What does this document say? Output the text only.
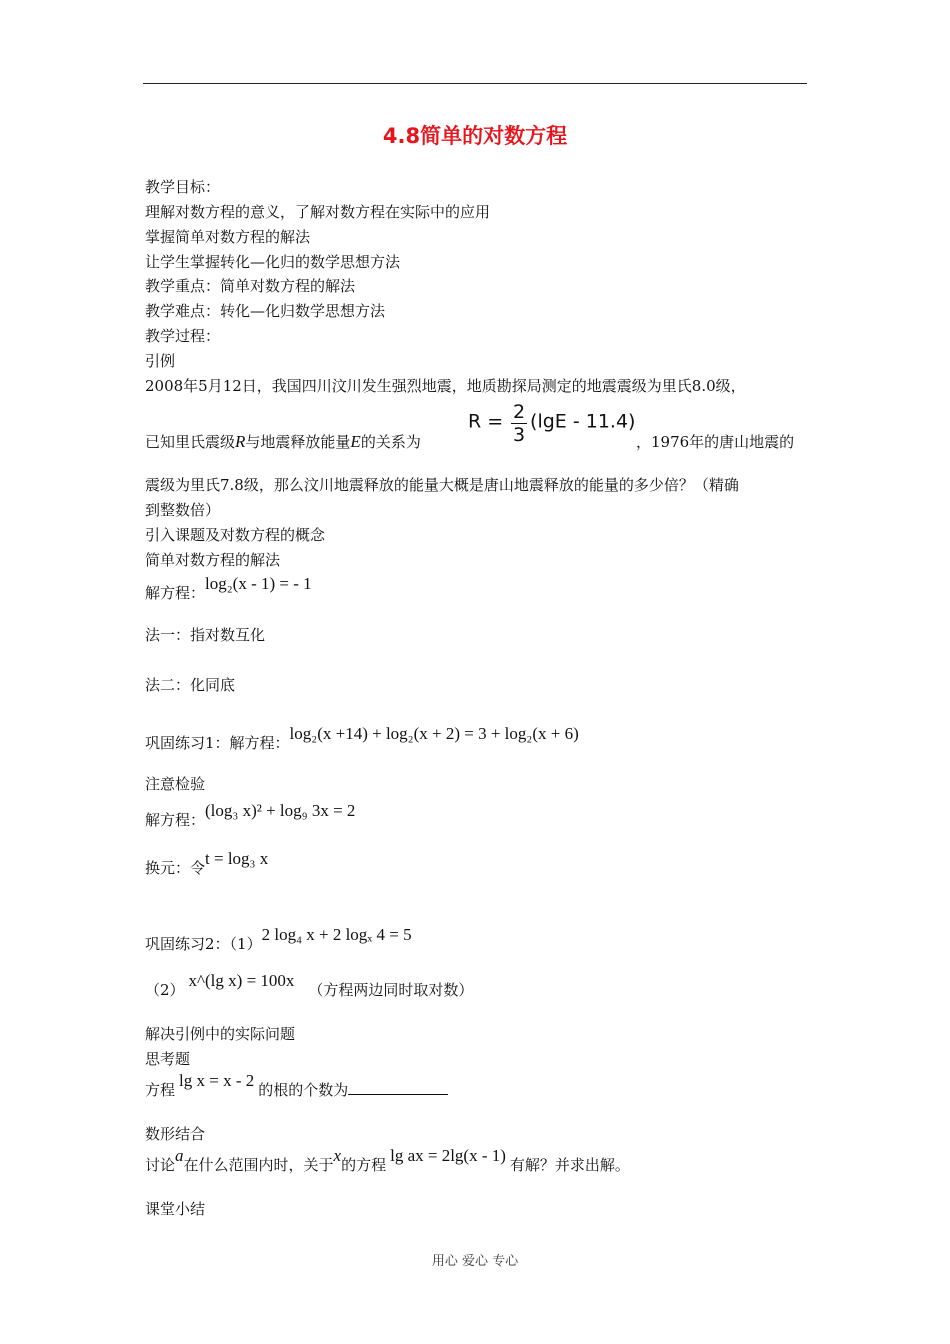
4.8简单的对数方程
教学目标：
理解对数方程的意义，了解对数方程在实际中的应用
掌握简单对数方程的解法
让学生掌握转化—化归的数学思想方法
教学重点：简单对数方程的解法
教学难点：转化—化归数学思想方法
教学过程：
引例
2008年5月12日，我国四川汶川发生强烈地震，地质勘探局测定的地震震级为里氏8.0级，
已知里氏震级R与地震释放能量E的关系为
$R = \frac{2}{3} (\lg E - 11.4)$
，1976年的唐山地震的
震级为里氏7.8级，那么汶川地震释放的能量大概是唐山地震释放的能量的多少倍？（精确
到整数倍）
引入课题及对数方程的概念
简单对数方程的解法
解方程：log₂(x - 1) = - 1
法一：指对数互化
法二：化同底
巩固练习1：解方程：log₂(x +14) + log₂(x + 2) = 3 + log₂(x + 6)
注意检验
解方程：(log₃ x)² + log₉ 3x = 2
换元：令t = log₃ x
巩固练习2：（1）2 log₄ x + 2 logₓ 4 = 5
（2） x^(lg x) = 100x （方程两边同时取对数）
解决引例中的实际问题
思考题
方程 lg x = x - 2 的根的个数为
数形结合
讨论a在什么范围内时，关于x的方程 lg ax = 2lg(x - 1) 有解？并求出解。
课堂小结
用心 爱心 专心
